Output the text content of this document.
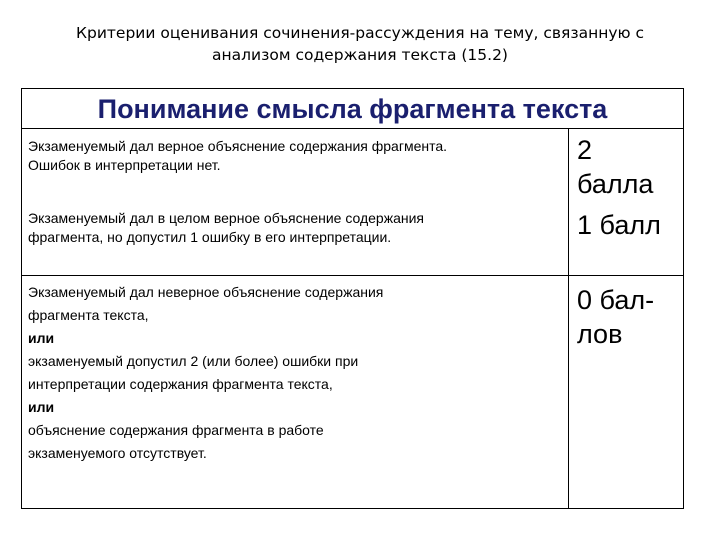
Критерии оценивания сочинения-рассуждения на тему, связанную с
анализом содержания текста (15.2)
Понимание смысла фрагмента текста
Экзаменуемый дал верное объяснение содержания фрагмента.
Ошибок в интерпретации нет.	2
балла
Экзаменуемый дал в целом верное объяснение содержания
фрагмента, но допустил 1 ошибку в его интерпретации.	1 балл
Экзаменуемый дал неверное объяснение содержания
фрагмента текста,
или
экзаменуемый допустил 2 (или более) ошибки при
интерпретации содержания фрагмента текста,
или
объяснение содержания фрагмента в работе
экзаменуемого отсутствует.
0 бал-
лов
